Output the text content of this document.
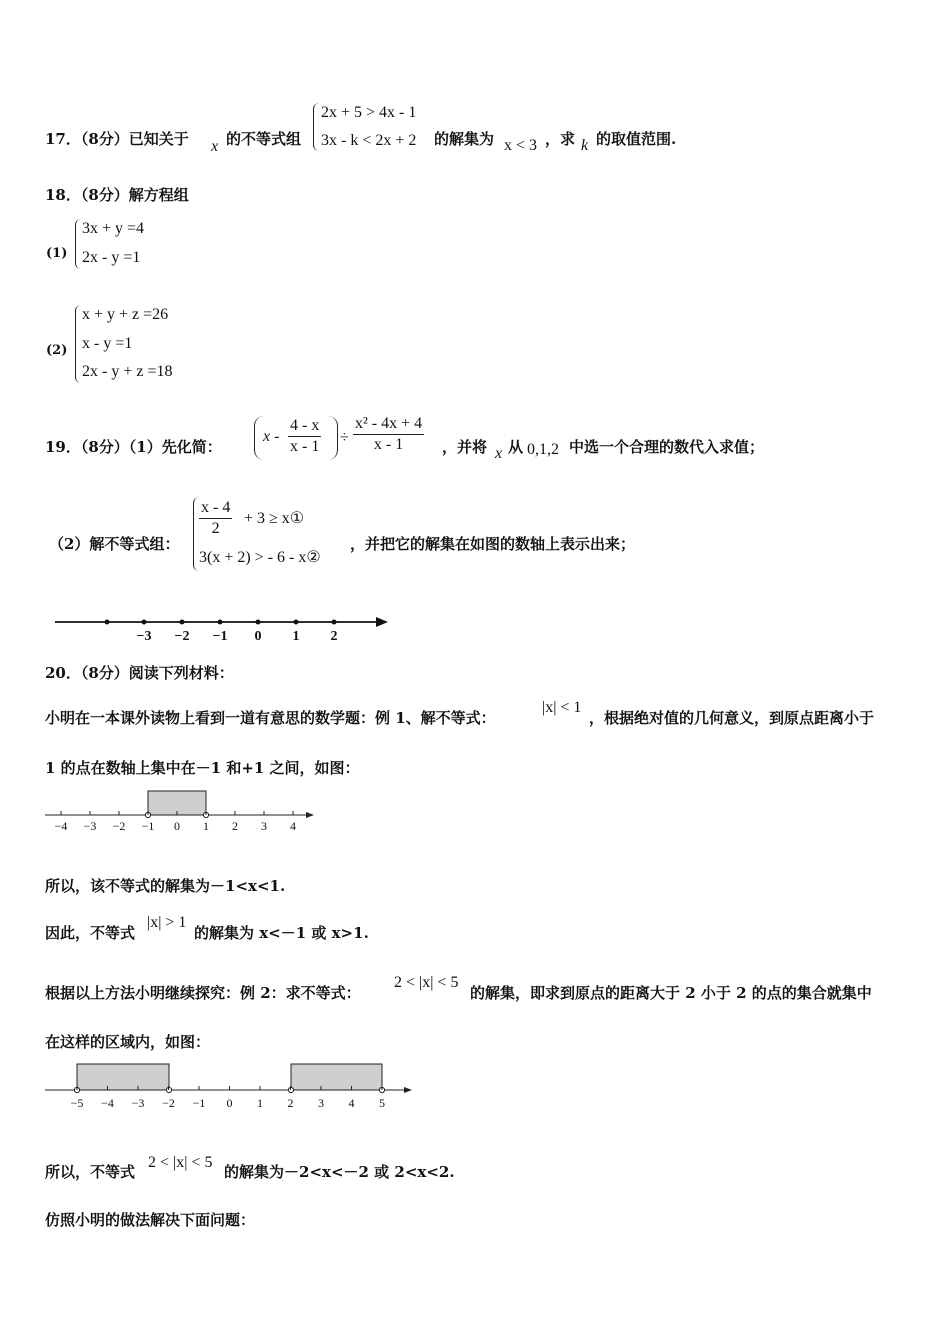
17．（8分）已知关于 x 的不等式组
2x + 5 > 4x - 1
3x - k < 2x + 2 的解集为 x < 3 ，求 k 的取值范围.
18．（8分）解方程组
(1)
3x + y =4
2x - y =1
(2)
x + y + z =26
x - y =1
2x - y + z =18
19．（8分）（1）先化简：
$x - \frac{4 - x}{x - 1} \div \frac{\text{x² - 4x + 4}}{x - 1}$ ，并将 x 从 0,1,2 中选一个合理的数代入求值；
（2）解不等式组：
$\frac{x - 4}{2} + 3$ ≥ x①
3(x + 2) > - 6 - x②
，并把它的解集在如图的数轴上表示出来；
−3 −2 −1 0 1 2
20．（8分）阅读下列材料：
小明在一本课外读物上看到一道有意思的数学题：例 1、解不等式：
|x| < 1
，根据绝对值的几何意义，到原点距离小于
1 的点在数轴上集中在－1 和+1 之间，如图：
−4 −3 −2 −1 0 1 2 3 4
所以，该不等式的解集为－1<x<1.
因此，不等式
|x| > 1
的解集为 x<－1 或 x>1.
根据以上方法小明继续探究：例 2：求不等式：
2 < |x| < 5
的解集，即求到原点的距离大于 2 小于 2 的点的集合就集中
在这样的区域内，如图：
−5 −4 −3 −2 −1 0 1 2 3 4 5
所以，不等式
2 < |x| < 5
的解集为－2<x<－2 或 2<x<2.
仿照小明的做法解决下面问题：
